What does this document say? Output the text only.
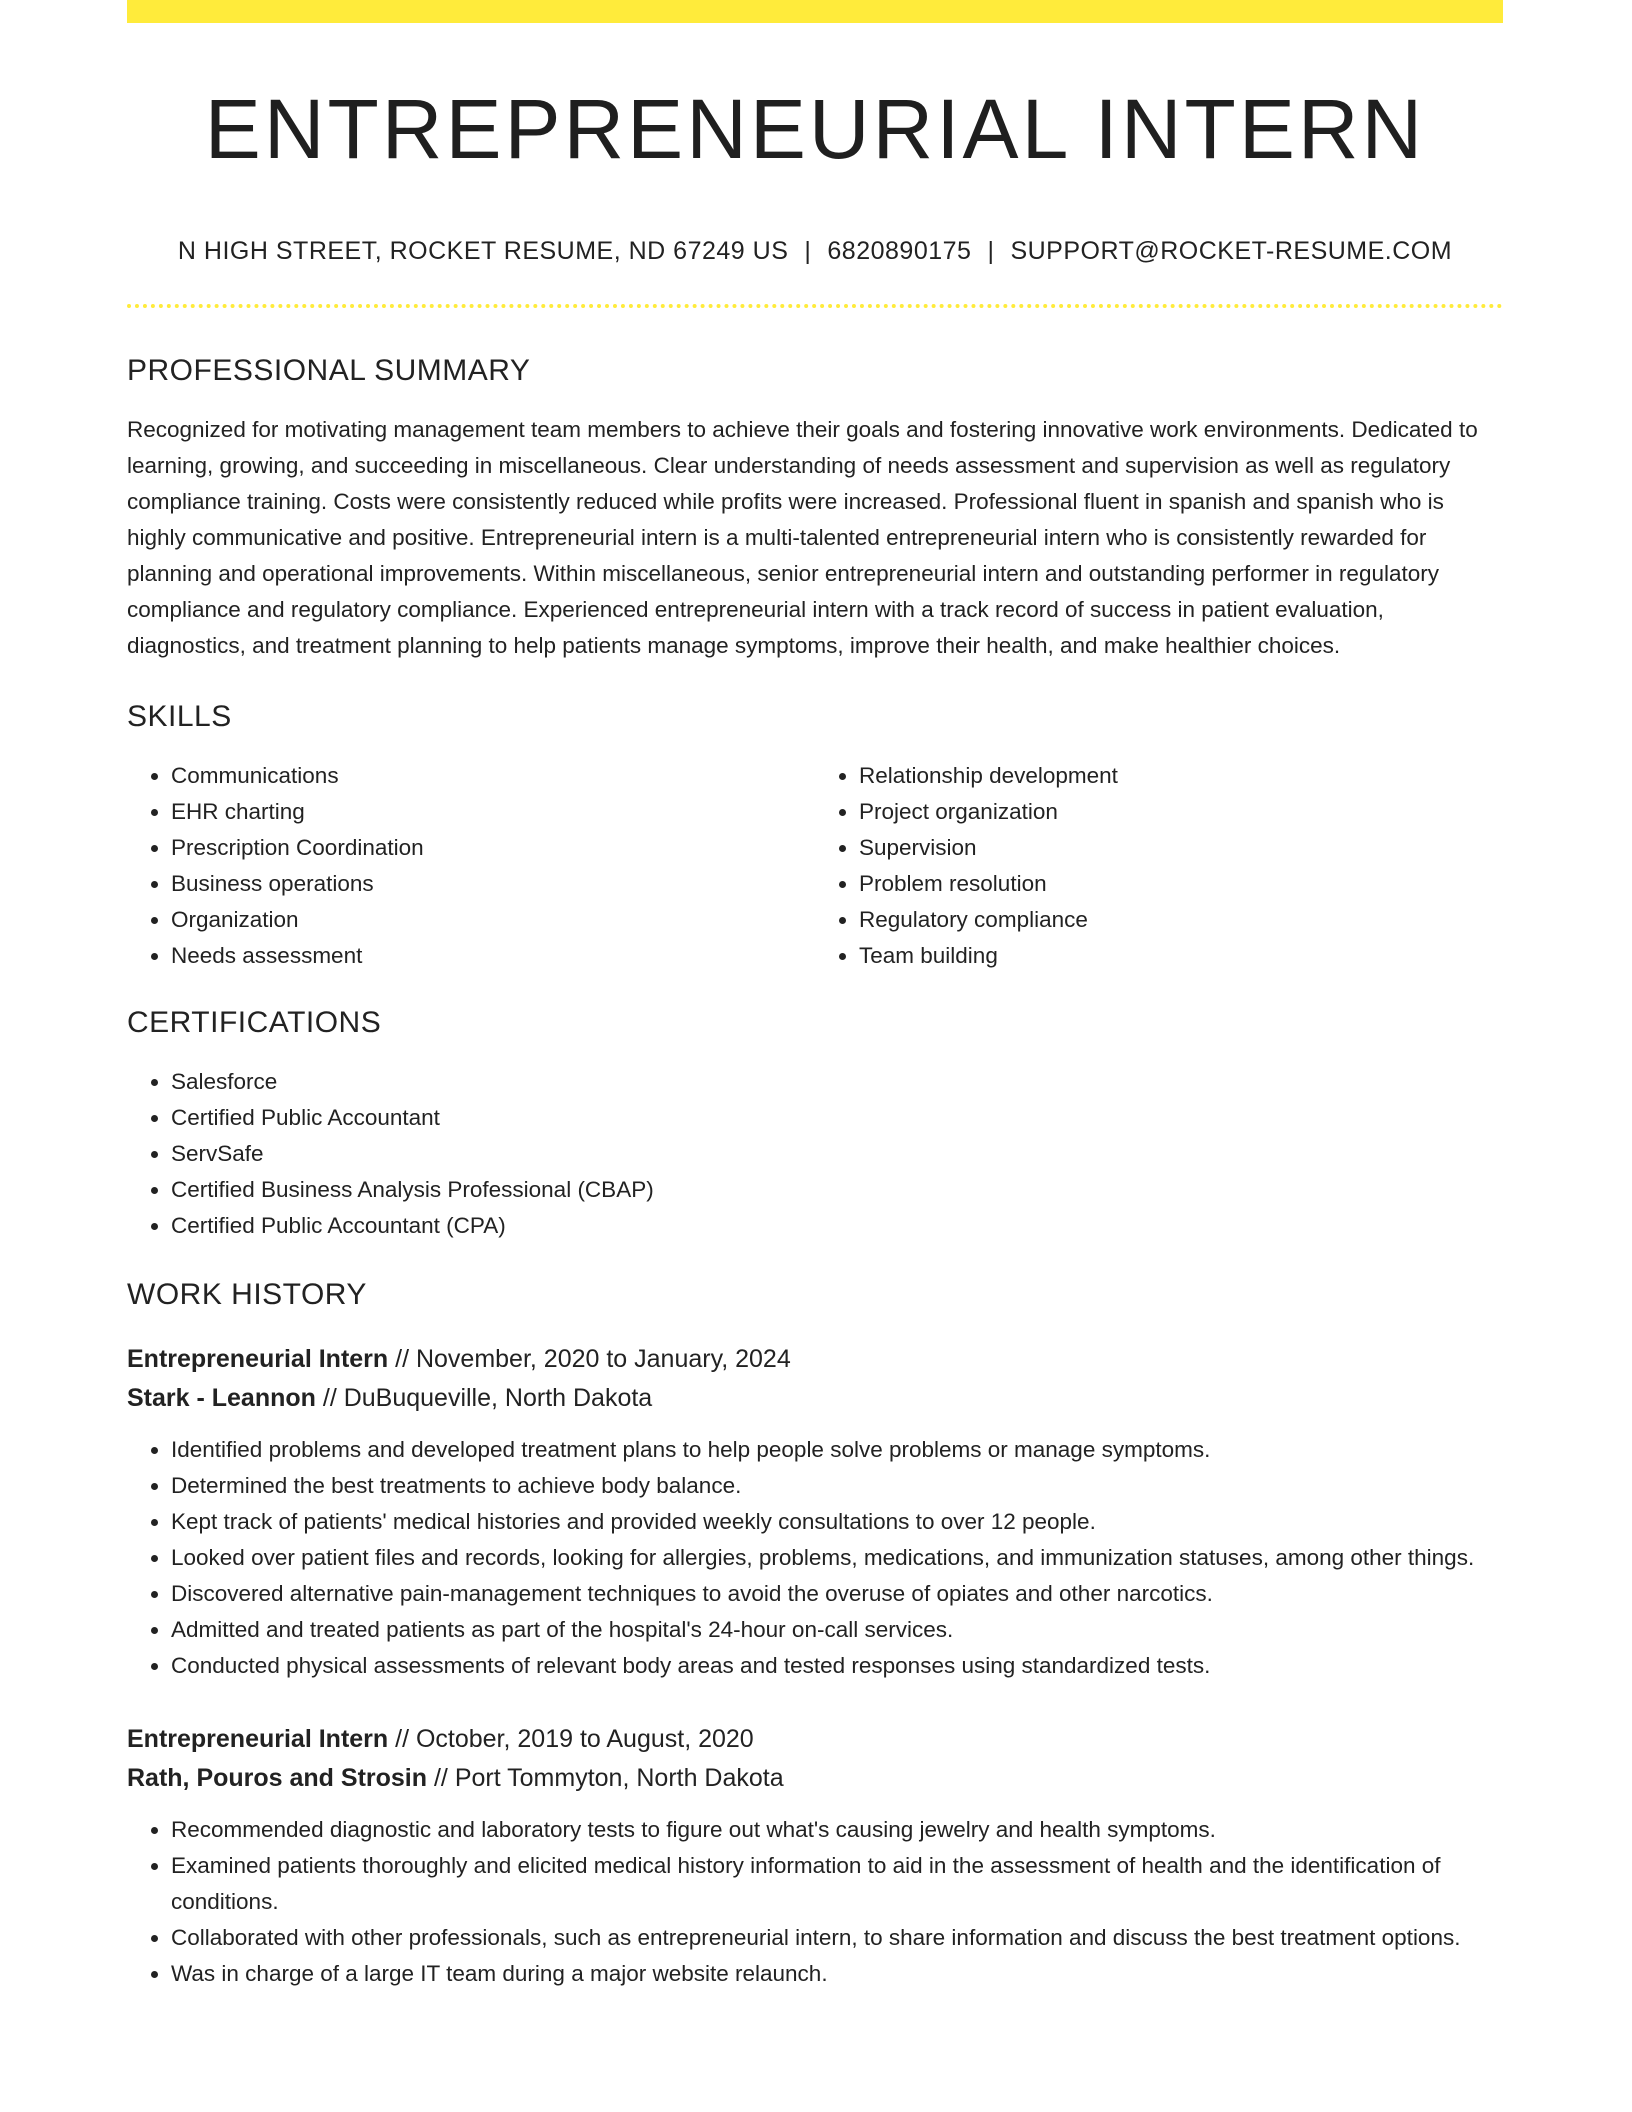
ENTREPRENEURIAL INTERN
N HIGH STREET, ROCKET RESUME, ND 67249 US | 6820890175 | SUPPORT@ROCKET-RESUME.COM
PROFESSIONAL SUMMARY
Recognized for motivating management team members to achieve their goals and fostering innovative work environments. Dedicated to learning, growing, and succeeding in miscellaneous. Clear understanding of needs assessment and supervision as well as regulatory compliance training. Costs were consistently reduced while profits were increased. Professional fluent in spanish and spanish who is highly communicative and positive. Entrepreneurial intern is a multi-talented entrepreneurial intern who is consistently rewarded for planning and operational improvements. Within miscellaneous, senior entrepreneurial intern and outstanding performer in regulatory compliance and regulatory compliance. Experienced entrepreneurial intern with a track record of success in patient evaluation, diagnostics, and treatment planning to help patients manage symptoms, improve their health, and make healthier choices.
SKILLS
• Communications
• EHR charting
• Prescription Coordination
• Business operations
• Organization
• Needs assessment
• Relationship development
• Project organization
• Supervision
• Problem resolution
• Regulatory compliance
• Team building
CERTIFICATIONS
• Salesforce
• Certified Public Accountant
• ServSafe
• Certified Business Analysis Professional (CBAP)
• Certified Public Accountant (CPA)
WORK HISTORY
Entrepreneurial Intern // November, 2020 to January, 2024
Stark - Leannon // DuBuqueville, North Dakota
• Identified problems and developed treatment plans to help people solve problems or manage symptoms.
• Determined the best treatments to achieve body balance.
• Kept track of patients' medical histories and provided weekly consultations to over 12 people.
• Looked over patient files and records, looking for allergies, problems, medications, and immunization statuses, among other things.
• Discovered alternative pain-management techniques to avoid the overuse of opiates and other narcotics.
• Admitted and treated patients as part of the hospital's 24-hour on-call services.
• Conducted physical assessments of relevant body areas and tested responses using standardized tests.
Entrepreneurial Intern // October, 2019 to August, 2020
Rath, Pouros and Strosin // Port Tommyton, North Dakota
• Recommended diagnostic and laboratory tests to figure out what's causing jewelry and health symptoms.
• Examined patients thoroughly and elicited medical history information to aid in the assessment of health and the identification of conditions.
• Collaborated with other professionals, such as entrepreneurial intern, to share information and discuss the best treatment options.
• Was in charge of a large IT team during a major website relaunch.
